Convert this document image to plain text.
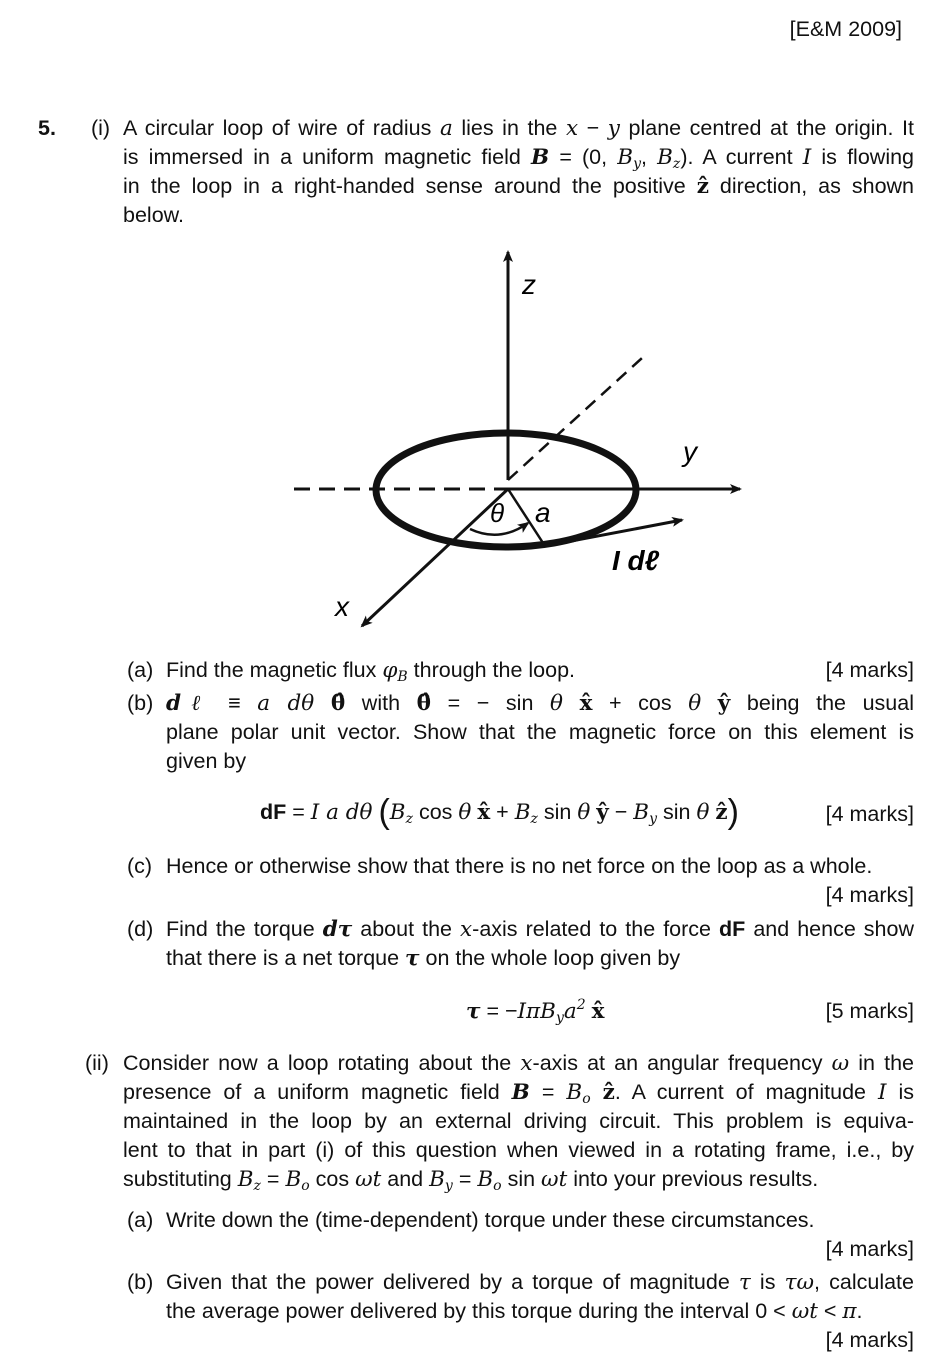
[E&M 2009]
5. (i) A circular loop of wire of radius a lies in the x − y plane centred at the origin. It
is immersed in a uniform magnetic field B = (0, $B_y$, $B_z$). A current I is flowing
in the loop in a right-handed sense around the positive ẑ direction, as shown
below.
z
y
x
θ a
I dℓ
(a) Find the magnetic flux $\varphi_B$ through the loop.	[4 marks]
(b) dℓ ≡ a dθ θ̂ with θ̂ = − sin θ x̂ + cos θ ŷ being the usual
plane polar unit vector. Show that the magnetic force on this element is
given by
dF = I a dθ ($B_z$ cos θ x̂ + $B_z$ sin θ ŷ − $B_y$ sin θ ẑ)	[4 marks]
(c) Hence or otherwise show that there is no net force on the loop as a whole.
[4 marks]
(d) Find the torque dτ about the x-axis related to the force dF and hence show
that there is a net torque τ on the whole loop given by
$\tau = -I\pi B_ya^2$ x̂	[5 marks]
(ii) Consider now a loop rotating about the x-axis at an angular frequency ω in the
presence of a uniform magnetic field $B = B_o$ ẑ. A current of magnitude I is
maintained in the loop by an external driving circuit. This problem is equiva-
lent to that in part (i) of this question when viewed in a rotating frame, i.e., by
substituting $B_z = B_o$ cos ωt and $B_y = B_o$ sin ωt into your previous results.
(a) Write down the (time-dependent) torque under these circumstances.
[4 marks]
(b) Given that the power delivered by a torque of magnitude τ is τω, calculate
the average power delivered by this torque during the interval 0 < ωt < π.
[4 marks]
